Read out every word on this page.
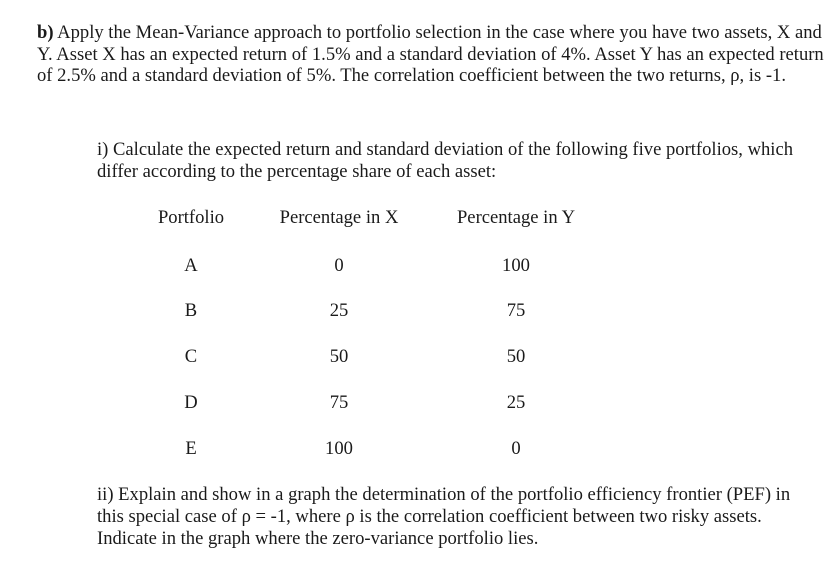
b) Apply the Mean-Variance approach to portfolio selection in the case where you have two assets, X and Y. Asset X has an expected return of 1.5% and a standard deviation of 4%. Asset Y has an expected return of 2.5% and a standard deviation of 5%. The correlation coefficient between the two returns, ρ, is -1.

i) Calculate the expected return and standard deviation of the following five portfolios, which differ according to the percentage share of each asset:

Portfolio	Percentage in X	Percentage in Y
A	0	100
B	25	75
C	50	50
D	75	25
E	100	0

ii) Explain and show in a graph the determination of the portfolio efficiency frontier (PEF) in this special case of ρ = -1, where ρ is the correlation coefficient between two risky assets. Indicate in the graph where the zero-variance portfolio lies.
